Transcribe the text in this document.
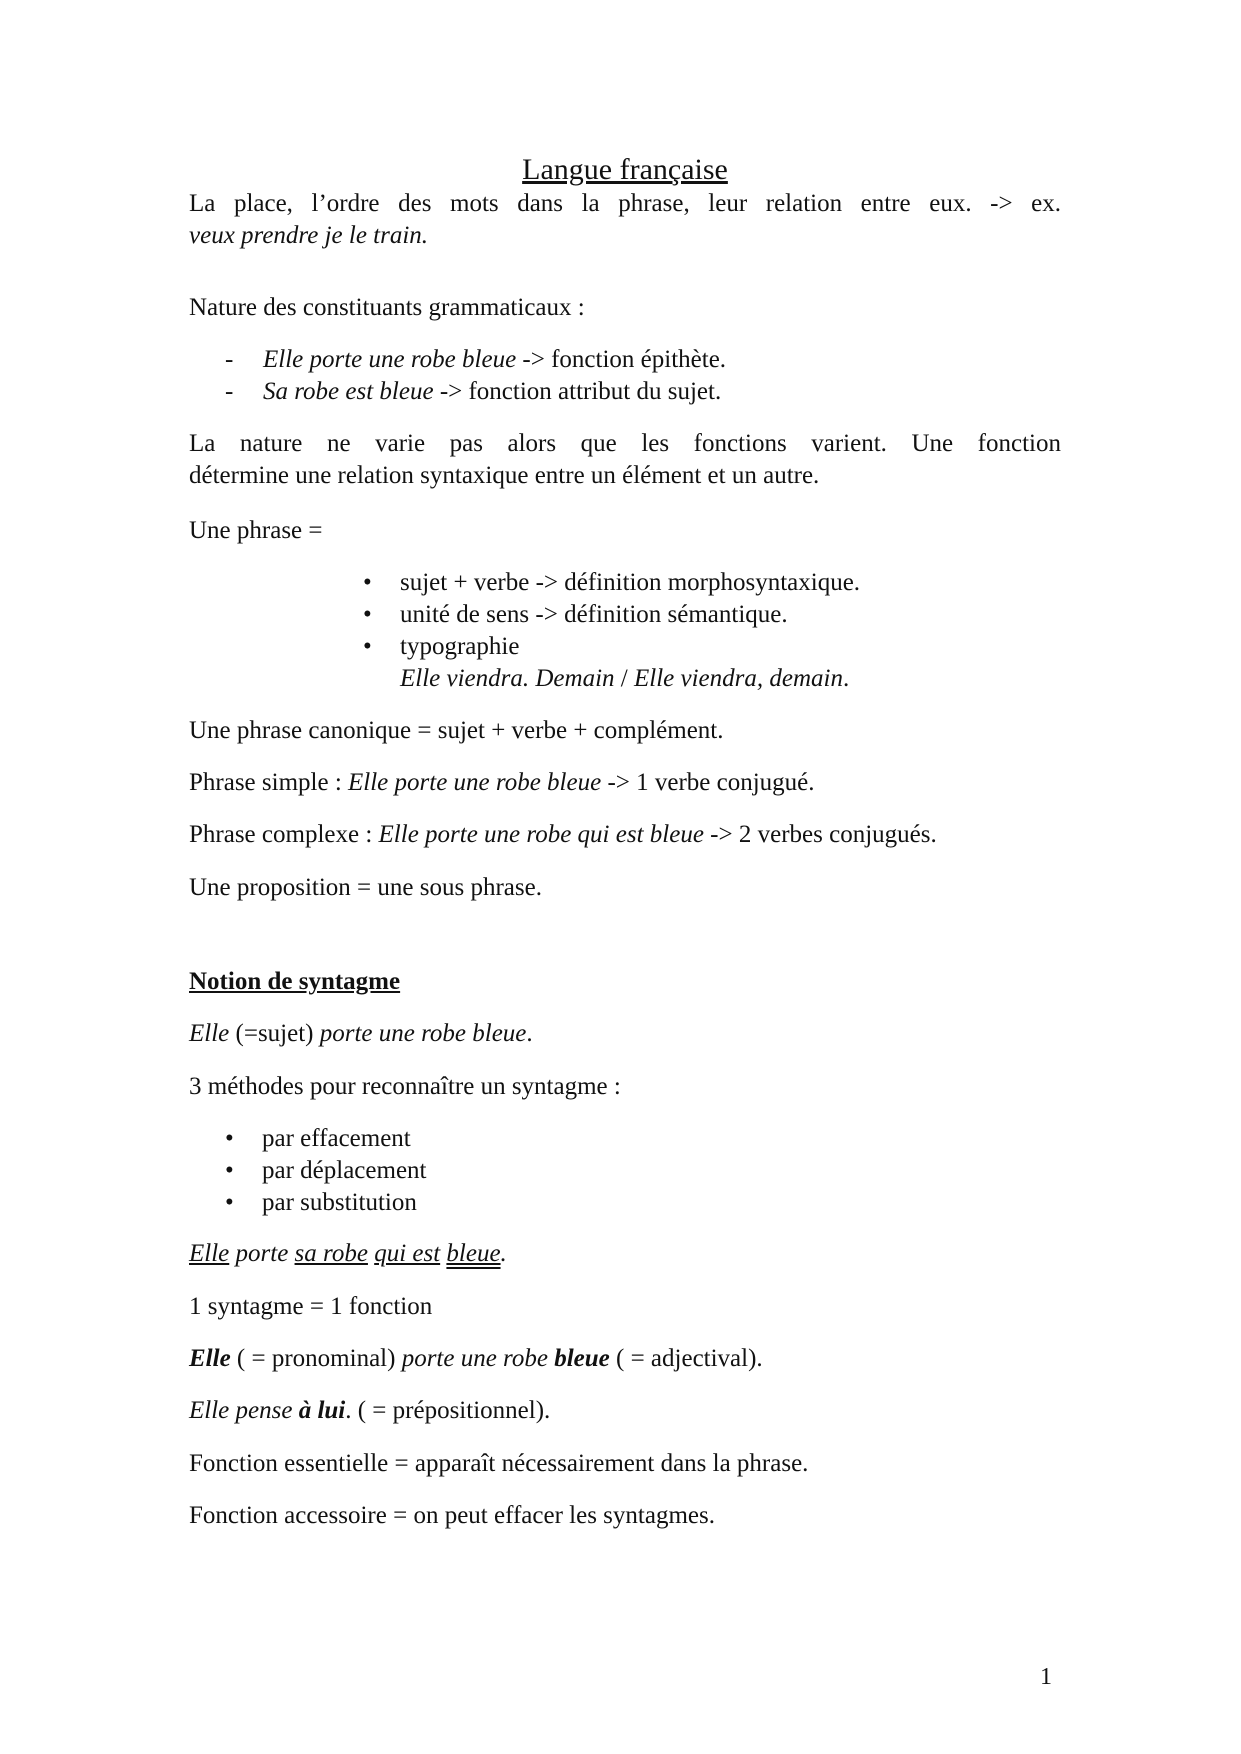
Langue française

La place, l’ordre des mots dans la phrase, leur relation entre eux. -> ex.

veux prendre je le train.

Nature des constituants grammaticaux :

-	Elle porte une robe bleue -> fonction épithète.
-	Sa robe est bleue -> fonction attribut du sujet.

La nature ne varie pas alors que les fonctions varient. Une fonction

détermine une relation syntaxique entre un élément et un autre.

Une phrase =

•	sujet + verbe -> définition morphosyntaxique.
•	unité de sens -> définition sémantique.
•	typographie
Elle viendra. Demain / Elle viendra, demain.

Une phrase canonique = sujet + verbe + complément.

Phrase simple : Elle porte une robe bleue -> 1 verbe conjugué.

Phrase complexe : Elle porte une robe qui est bleue -> 2 verbes conjugués.

Une proposition = une sous phrase.

Notion de syntagme

Elle (=sujet) porte une robe bleue.

3 méthodes pour reconnaître un syntagme :

•	par effacement
•	par déplacement
•	par substitution

Elle porte sa robe qui est bleue.

1 syntagme = 1 fonction

Elle ( = pronominal) porte une robe bleue ( = adjectival).

Elle pense à lui. ( = prépositionnel).

Fonction essentielle = apparaît nécessairement dans la phrase.

Fonction accessoire = on peut effacer les syntagmes.

1
